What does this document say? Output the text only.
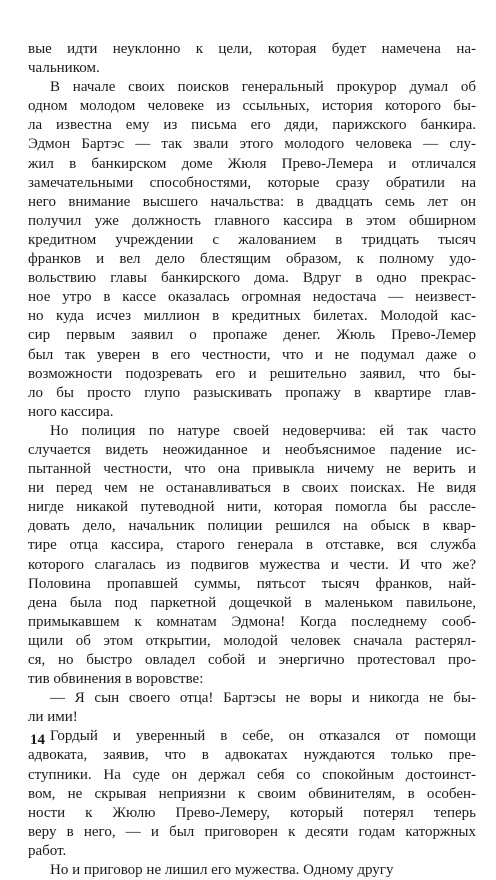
вые идти неуклонно к цели, которая будет намечена на-
чальником.
В начале своих поисков генеральный прокурор думал об
одном молодом человеке из ссыльных, история которого бы-
ла известна ему из письма его дяди, парижского банкира.
Эдмон Бартэс — так звали этого молодого человека — слу-
жил в банкирском доме Жюля Прево-Лемера и отличался
замечательными способностями, которые сразу обратили на
него внимание высшего начальства: в двадцать семь лет он
получил уже должность главного кассира в этом обширном
кредитном учреждении с жалованием в тридцать тысяч
франков и вел дело блестящим образом, к полному удо-
вольствию главы банкирского дома. Вдруг в одно прекрас-
ное утро в кассе оказалась огромная недостача — неизвест-
но куда исчез миллион в кредитных билетах. Молодой кас-
сир первым заявил о пропаже денег. Жюль Прево-Лемер
был так уверен в его честности, что и не подумал даже о
возможности подозревать его и решительно заявил, что бы-
ло бы просто глупо разыскивать пропажу в квартире глав-
ного кассира.
Но полиция по натуре своей недоверчива: ей так часто
случается видеть неожиданное и необъяснимое падение ис-
пытанной честности, что она привыкла ничему не верить и
ни перед чем не останавливаться в своих поисках. Не видя
нигде никакой путеводной нити, которая помогла бы рассле-
довать дело, начальник полиции решился на обыск в квар-
тире отца кассира, старого генерала в отставке, вся служба
которого слагалась из подвигов мужества и чести. И что же?
Половина пропавшей суммы, пятьсот тысяч франков, най-
дена была под паркетной дощечкой в маленьком павильоне,
примыкавшем к комнатам Эдмона! Когда последнему сооб-
щили об этом открытии, молодой человек сначала растерял-
ся, но быстро овладел собой и энергично протестовал про-
тив обвинения в воровстве:
— Я сын своего отца! Бартэсы не воры и никогда не бы-
ли ими!
Гордый и уверенный в себе, он отказался от помощи
адвоката, заявив, что в адвокатах нуждаются только пре-
ступники. На суде он держал себя со спокойным достоинст-
вом, не скрывая неприязни к своим обвинителям, в особен-
ности к Жюлю Прево-Лемеру, который потерял теперь
веру в него, — и был приговорен к десяти годам каторжных
работ.
Но и приговор не лишил его мужества. Одному другу
14
